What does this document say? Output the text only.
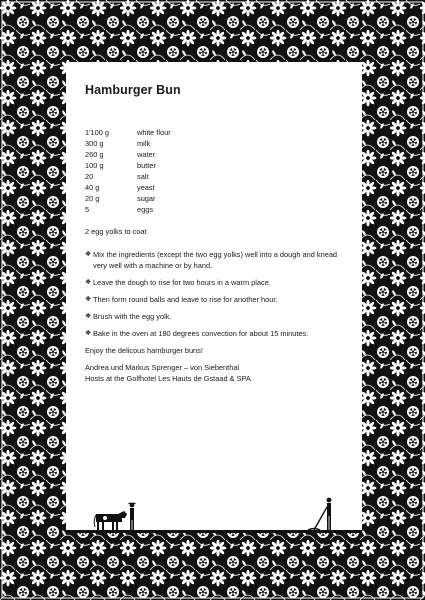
Hamburger Bun
1'100 g	white flour
300 g	milk
260 g	water
100 g	butter
20	salt
40 g	yeast
20 g	sugar
5	eggs
2 egg yolks to coat
❖ Mix the ingredients (except the two egg yolks) well into a dough and knead very well with a machine or by hand.
❖ Leave the dough to rise for two hours in a warm place.
❖ Then form round balls and leave to rise for another hour.
❖ Brush with the egg yolk.
❖ Bake in the oven at 180 degrees convection for about 15 minutes.
Enjoy the delicous hamburger buns!
Andrea und Markus Sprenger – von Siebenthal
Hosts at the Golfhotel Les Hauts de Gstaad & SPA
